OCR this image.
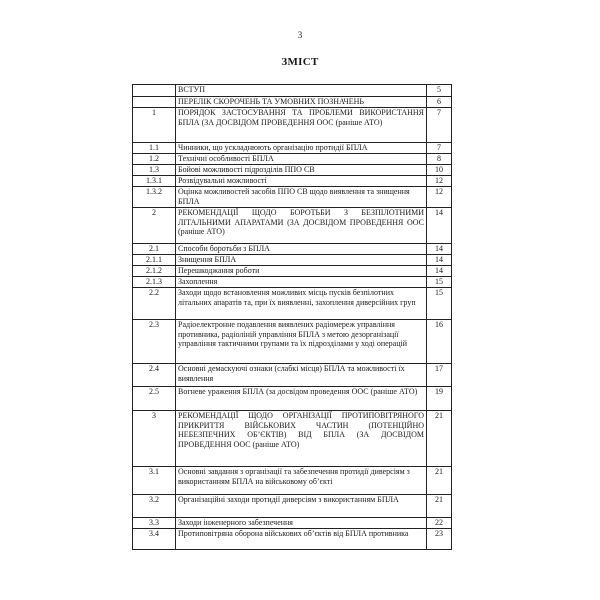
3
ЗМІСТ
	ВСТУП	5
	ПЕРЕЛІК СКОРОЧЕНЬ ТА УМОВНИХ ПОЗНАЧЕНЬ	6
1	ПОРЯДОК ЗАСТОСУВАННЯ ТА ПРОБЛЕМИ ВИКОРИСТАННЯ БПЛА (ЗА ДОСВІДОМ ПРОВЕДЕННЯ ООС (раніше АТО)	7
1.1	Чинники, що ускладнюють організацію протидії БПЛА	7
1.2	Технічні особливості БПЛА	8
1.3	Бойові можливості підрозділів ППО СВ	10
1.3.1	Розвідувальні можливості	12
1.3.2	Оцінка можливостей засобів ППО СВ щодо виявлення та знищення БПЛА	12
2	РЕКОМЕНДАЦІЇ ЩОДО БОРОТЬБИ З БЕЗПІЛОТНИМИ ЛІТАЛЬНИМИ АПАРАТАМИ (ЗА ДОСВІДОМ ПРОВЕДЕННЯ ООС (раніше АТО)	14
2.1	Способи боротьби з БПЛА	14
2.1.1	Знищення БПЛА	14
2.1.2	Перешкоджання роботи	14
2.1.3	Захоплення	15
2.2	Заходи щодо встановлення можливих місць пусків безпілотних літальних апаратів та, при їх виявленні, захоплення диверсійних груп	15
2.3	Радіоелектронне подавлення виявлених радіомереж управління противника, радіоліній управління БПЛА з метою дезорганізації управління тактичними групами та їх підрозділами у ході операцій	16
2.4	Основні демаскуючі ознаки (слабкі місця) БПЛА та можливості їх виявлення	17
2.5	Вогневе ураження БПЛА (за досвідом проведення ООС (раніше АТО)	19
3	РЕКОМЕНДАЦІЇ ЩОДО ОРГАНІЗАЦІЇ ПРОТИПОВІТРЯНОГО ПРИКРИТТЯ ВІЙСЬКОВИХ ЧАСТИН (ПОТЕНЦІЙНО НЕБЕЗПЕЧНИХ ОБ’ЄКТІВ) ВІД БПЛА (ЗА ДОСВІДОМ ПРОВЕДЕННЯ ООС (раніше АТО)	21
3.1	Основні завдання з організації та забезпечення протидії диверсіям з використанням БПЛА на військовому об’єкті	21
3.2	Організаційні заходи протидії диверсіям з використанням БПЛА	21
3.3	Заходи інженерного забезпечення	22
3.4	Протиповітряна оборона військових об’єктів від БПЛА противника	23
